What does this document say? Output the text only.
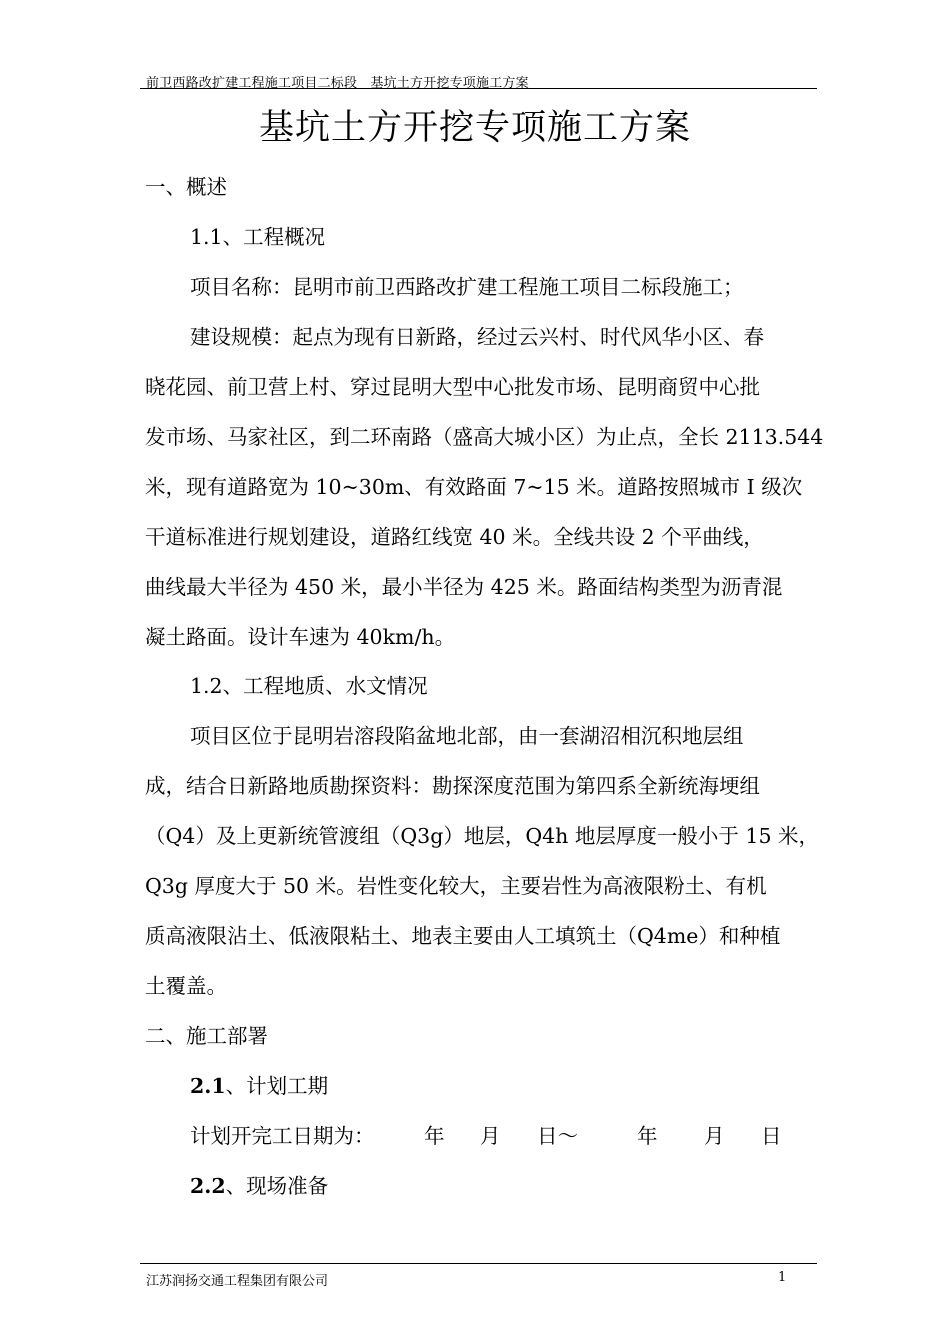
前卫西路改扩建工程施工项目二标段　基坑土方开挖专项施工方案
基坑土方开挖专项施工方案
一、概述
1.1、工程概况
项目名称：昆明市前卫西路改扩建工程施工项目二标段施工；
建设规模：起点为现有日新路，经过云兴村、时代风华小区、春
晓花园、前卫营上村、穿过昆明大型中心批发市场、昆明商贸中心批
发市场、马家社区，到二环南路（盛高大城小区）为止点，全长 2113.544
米，现有道路宽为 10~30m、有效路面 7~15 米。道路按照城市 I 级次
干道标准进行规划建设，道路红线宽 40 米。全线共设 2 个平曲线，
曲线最大半径为 450 米，最小半径为 425 米。路面结构类型为沥青混
凝土路面。设计车速为 40km/h。
1.2、工程地质、水文情况
项目区位于昆明岩溶段陷盆地北部，由一套湖沼相沉积地层组
成，结合日新路地质勘探资料：勘探深度范围为第四系全新统海埂组
（Q4）及上更新统管渡组（Q3g）地层，Q4h 地层厚度一般小于 15 米，
Q3g 厚度大于 50 米。岩性变化较大，主要岩性为高液限粉土、有机
质高液限沾土、低液限粘土、地表主要由人工填筑土（Q4me）和种植
土覆盖。
二、施工部署
2.1、计划工期
计划开完工日期为： 年 月 日～	年 月 日
2.2、现场准备
江苏润扬交通工程集团有限公司	1
